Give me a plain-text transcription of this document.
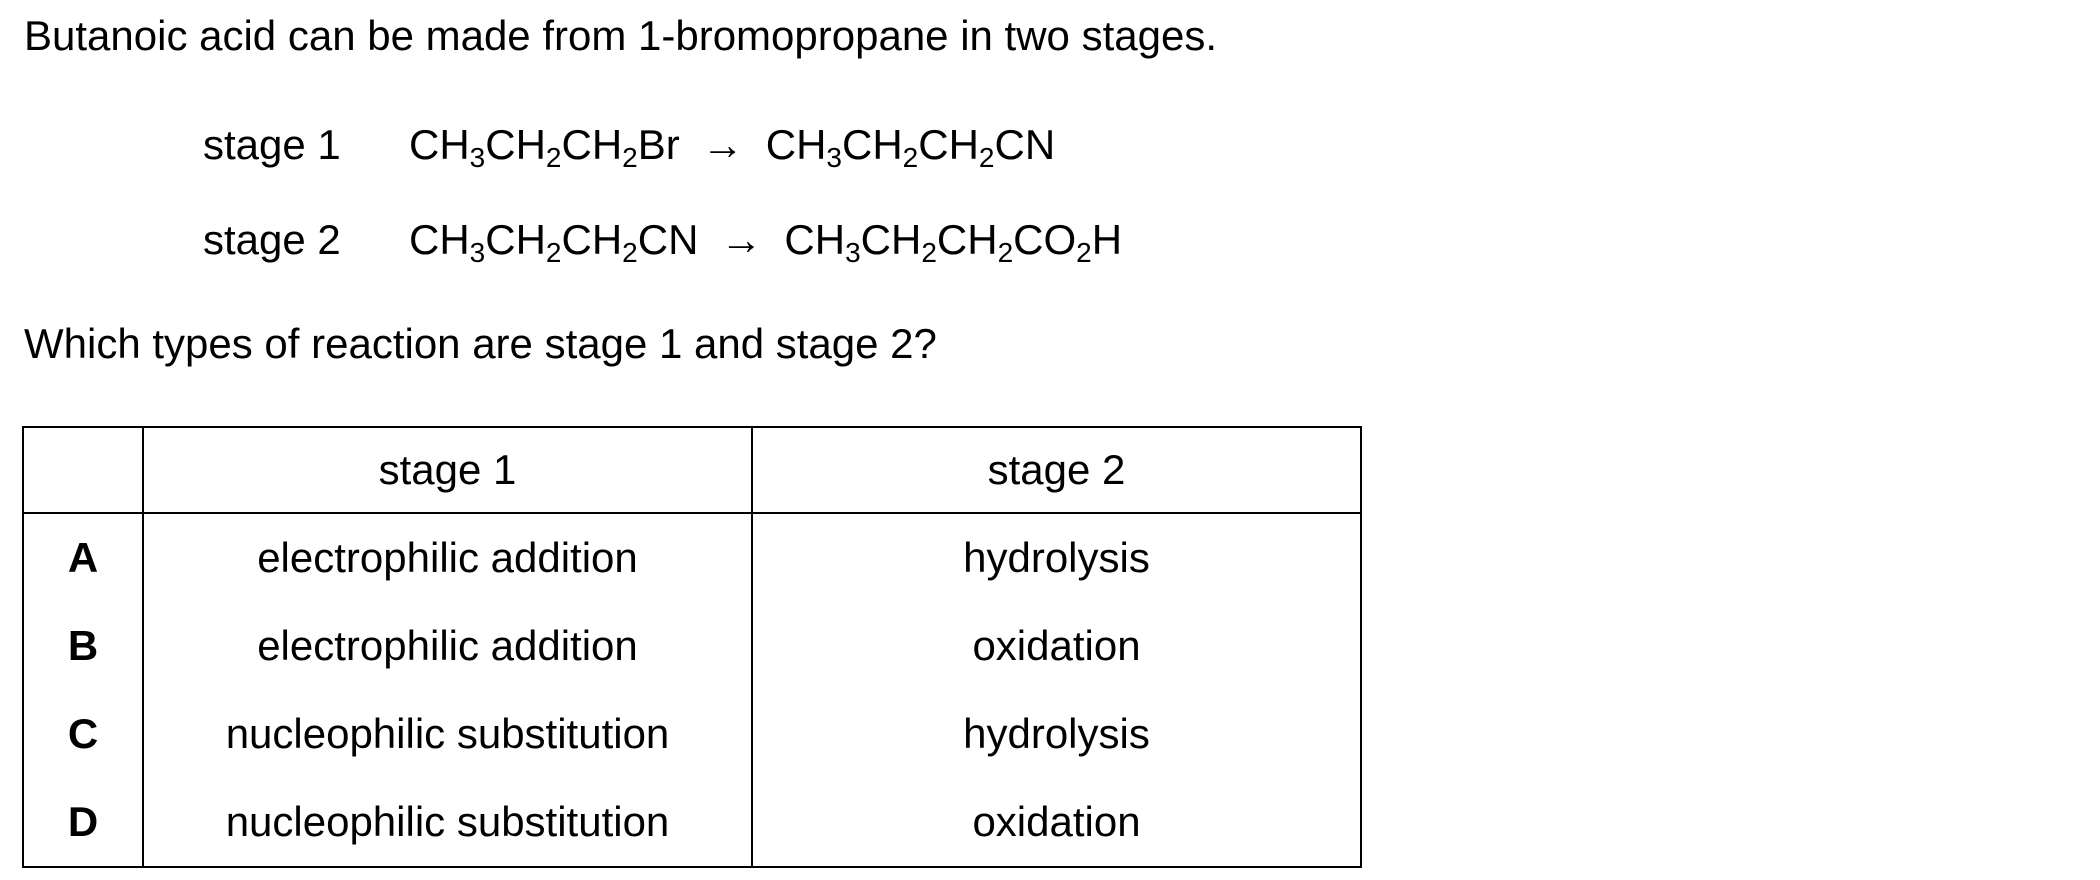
Butanoic acid can be made from 1-bromopropane in two stages.
stage 1 $CH_3CH_2CH_2Br \to CH_3CH_2CH_2CN$
stage 2 $CH_3CH_2CH_2CN \to CH_3CH_2CH_2CO_2H$
Which types of reaction are stage 1 and stage 2?
	stage 1	stage 2
A	electrophilic addition	hydrolysis
B	electrophilic addition	oxidation
C	nucleophilic substitution	hydrolysis
D	nucleophilic substitution	oxidation
